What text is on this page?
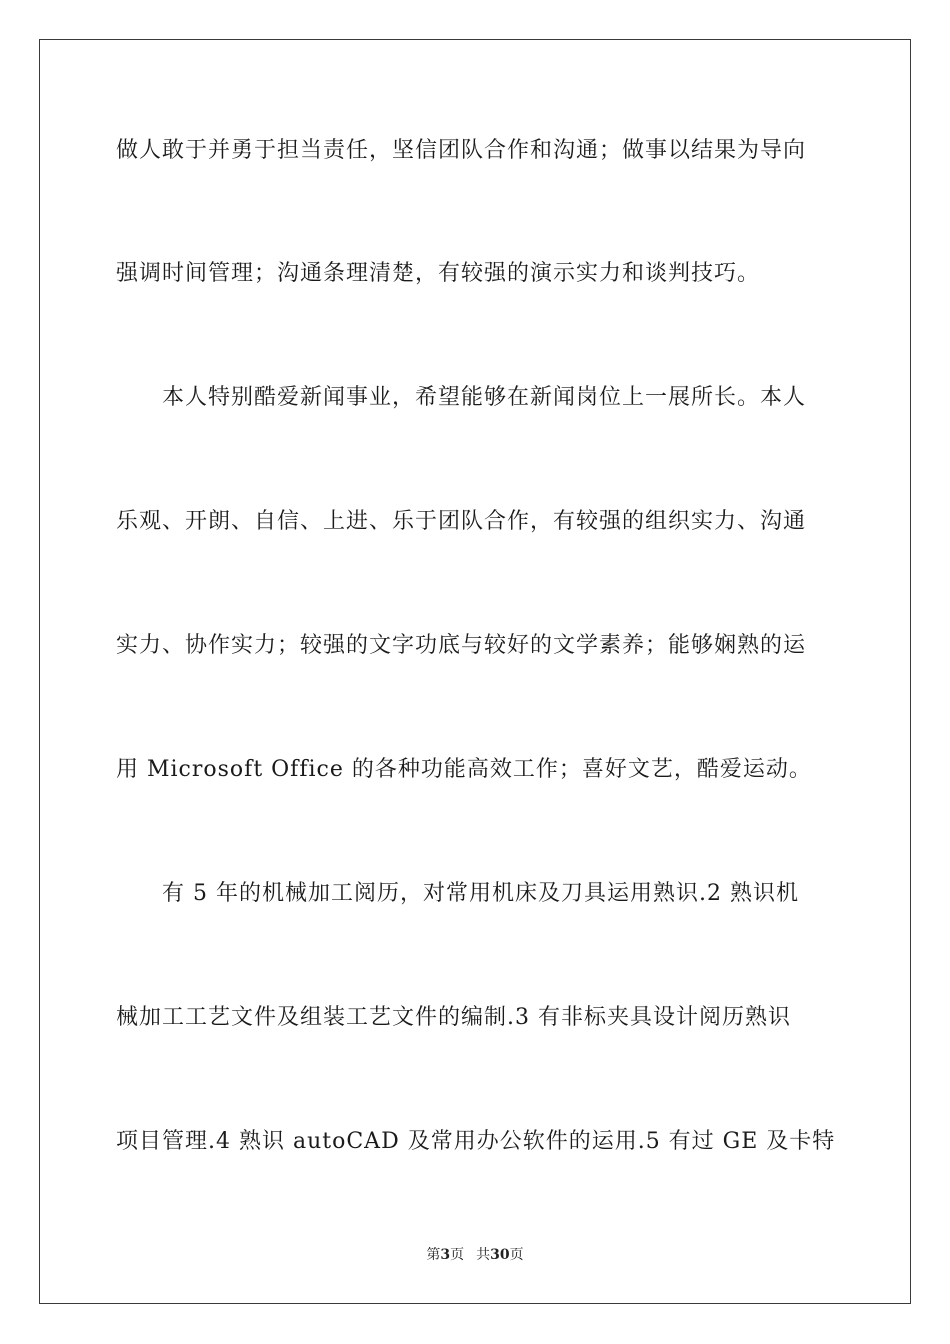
做人敢于并勇于担当责任，坚信团队合作和沟通；做事以结果为导向
强调时间管理；沟通条理清楚，有较强的演示实力和谈判技巧。
本人特别酷爱新闻事业，希望能够在新闻岗位上一展所长。本人
乐观、开朗、自信、上进、乐于团队合作，有较强的组织实力、沟通
实力、协作实力；较强的文字功底与较好的文学素养；能够娴熟的运
用 Microsoft Office 的各种功能高效工作；喜好文艺，酷爱运动。
有 5 年的机械加工阅历，对常用机床及刀具运用熟识.2 熟识机
械加工工艺文件及组装工艺文件的编制.3 有非标夹具设计阅历熟识
项目管理.4 熟识 autoCAD 及常用办公软件的运用.5 有过 GE 及卡特
第3页 共30页
